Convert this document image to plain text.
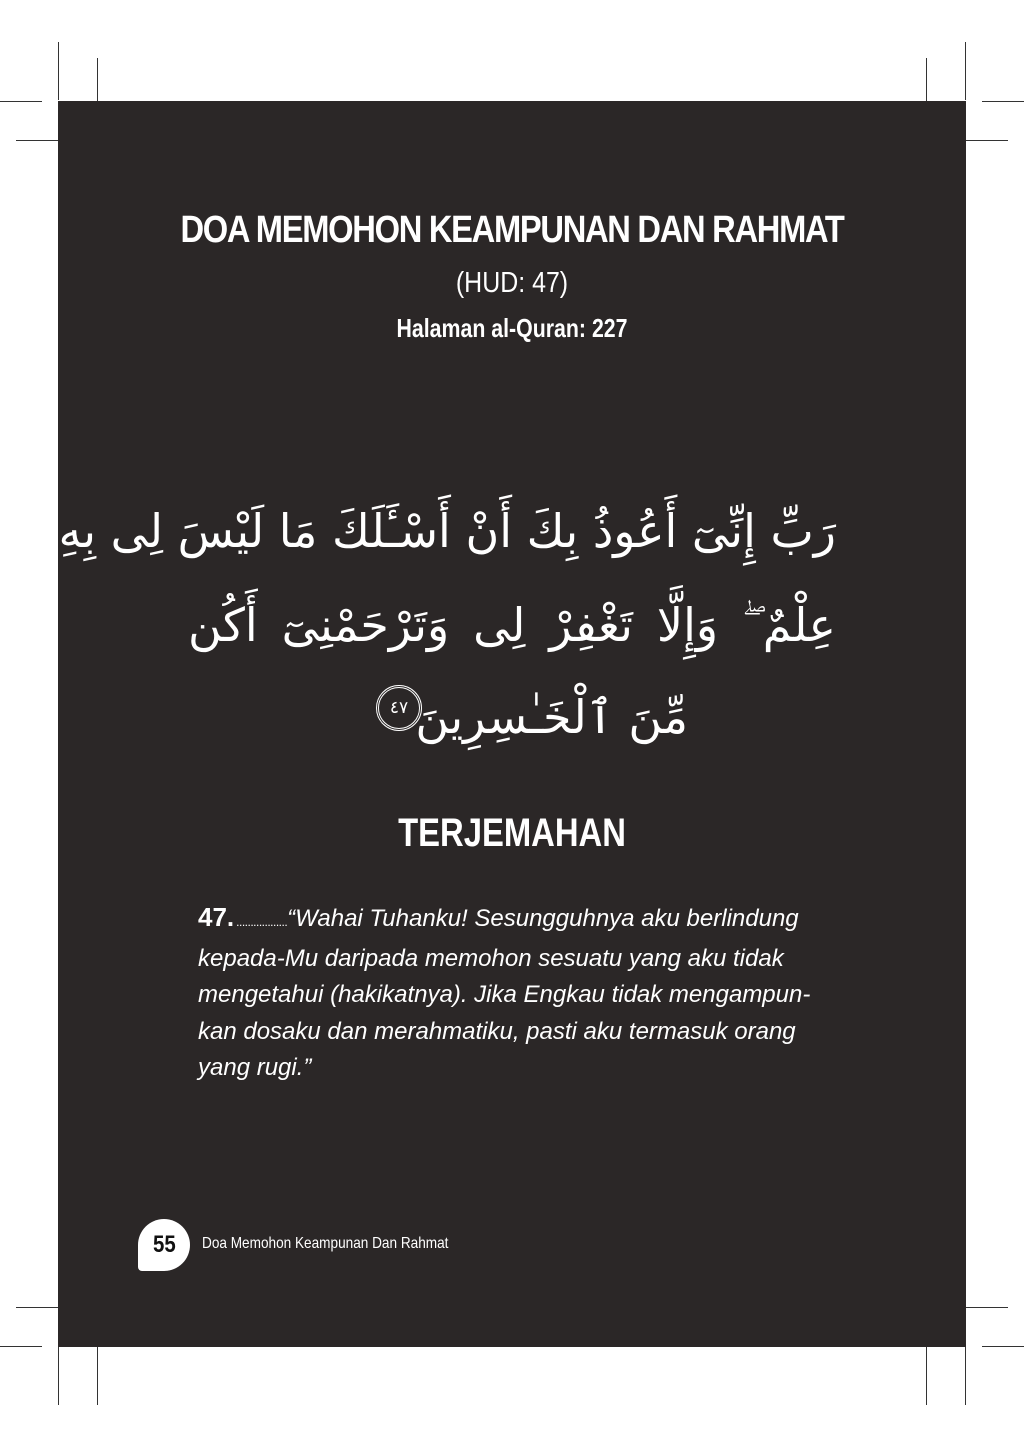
DOA MEMOHON KEAMPUNAN DAN RAHMAT
(HUD: 47)
Halaman al-Quran: 227
رَبِّ إِنِّىٓ أَعُوذُ بِكَ أَنْ أَسْـَٔلَكَ مَا لَيْسَ لِى بِهِۦ
عِلْمٌ ۖ وَإِلَّا تَغْفِرْ لِى وَتَرْحَمْنِىٓ أَكُن
مِّنَ ٱلْخَـٰسِرِينَ
٤٧
TERJEMAHAN
47. ..................“Wahai Tuhanku! Sesungguhnya aku berlindung kepada-Mu daripada memohon sesuatu yang aku tidak mengetahui (hakikatnya). Jika Engkau tidak mengampun-kan dosaku dan merahmatiku, pasti aku termasuk orang yang rugi.”
55 Doa Memohon Keampunan Dan Rahmat
